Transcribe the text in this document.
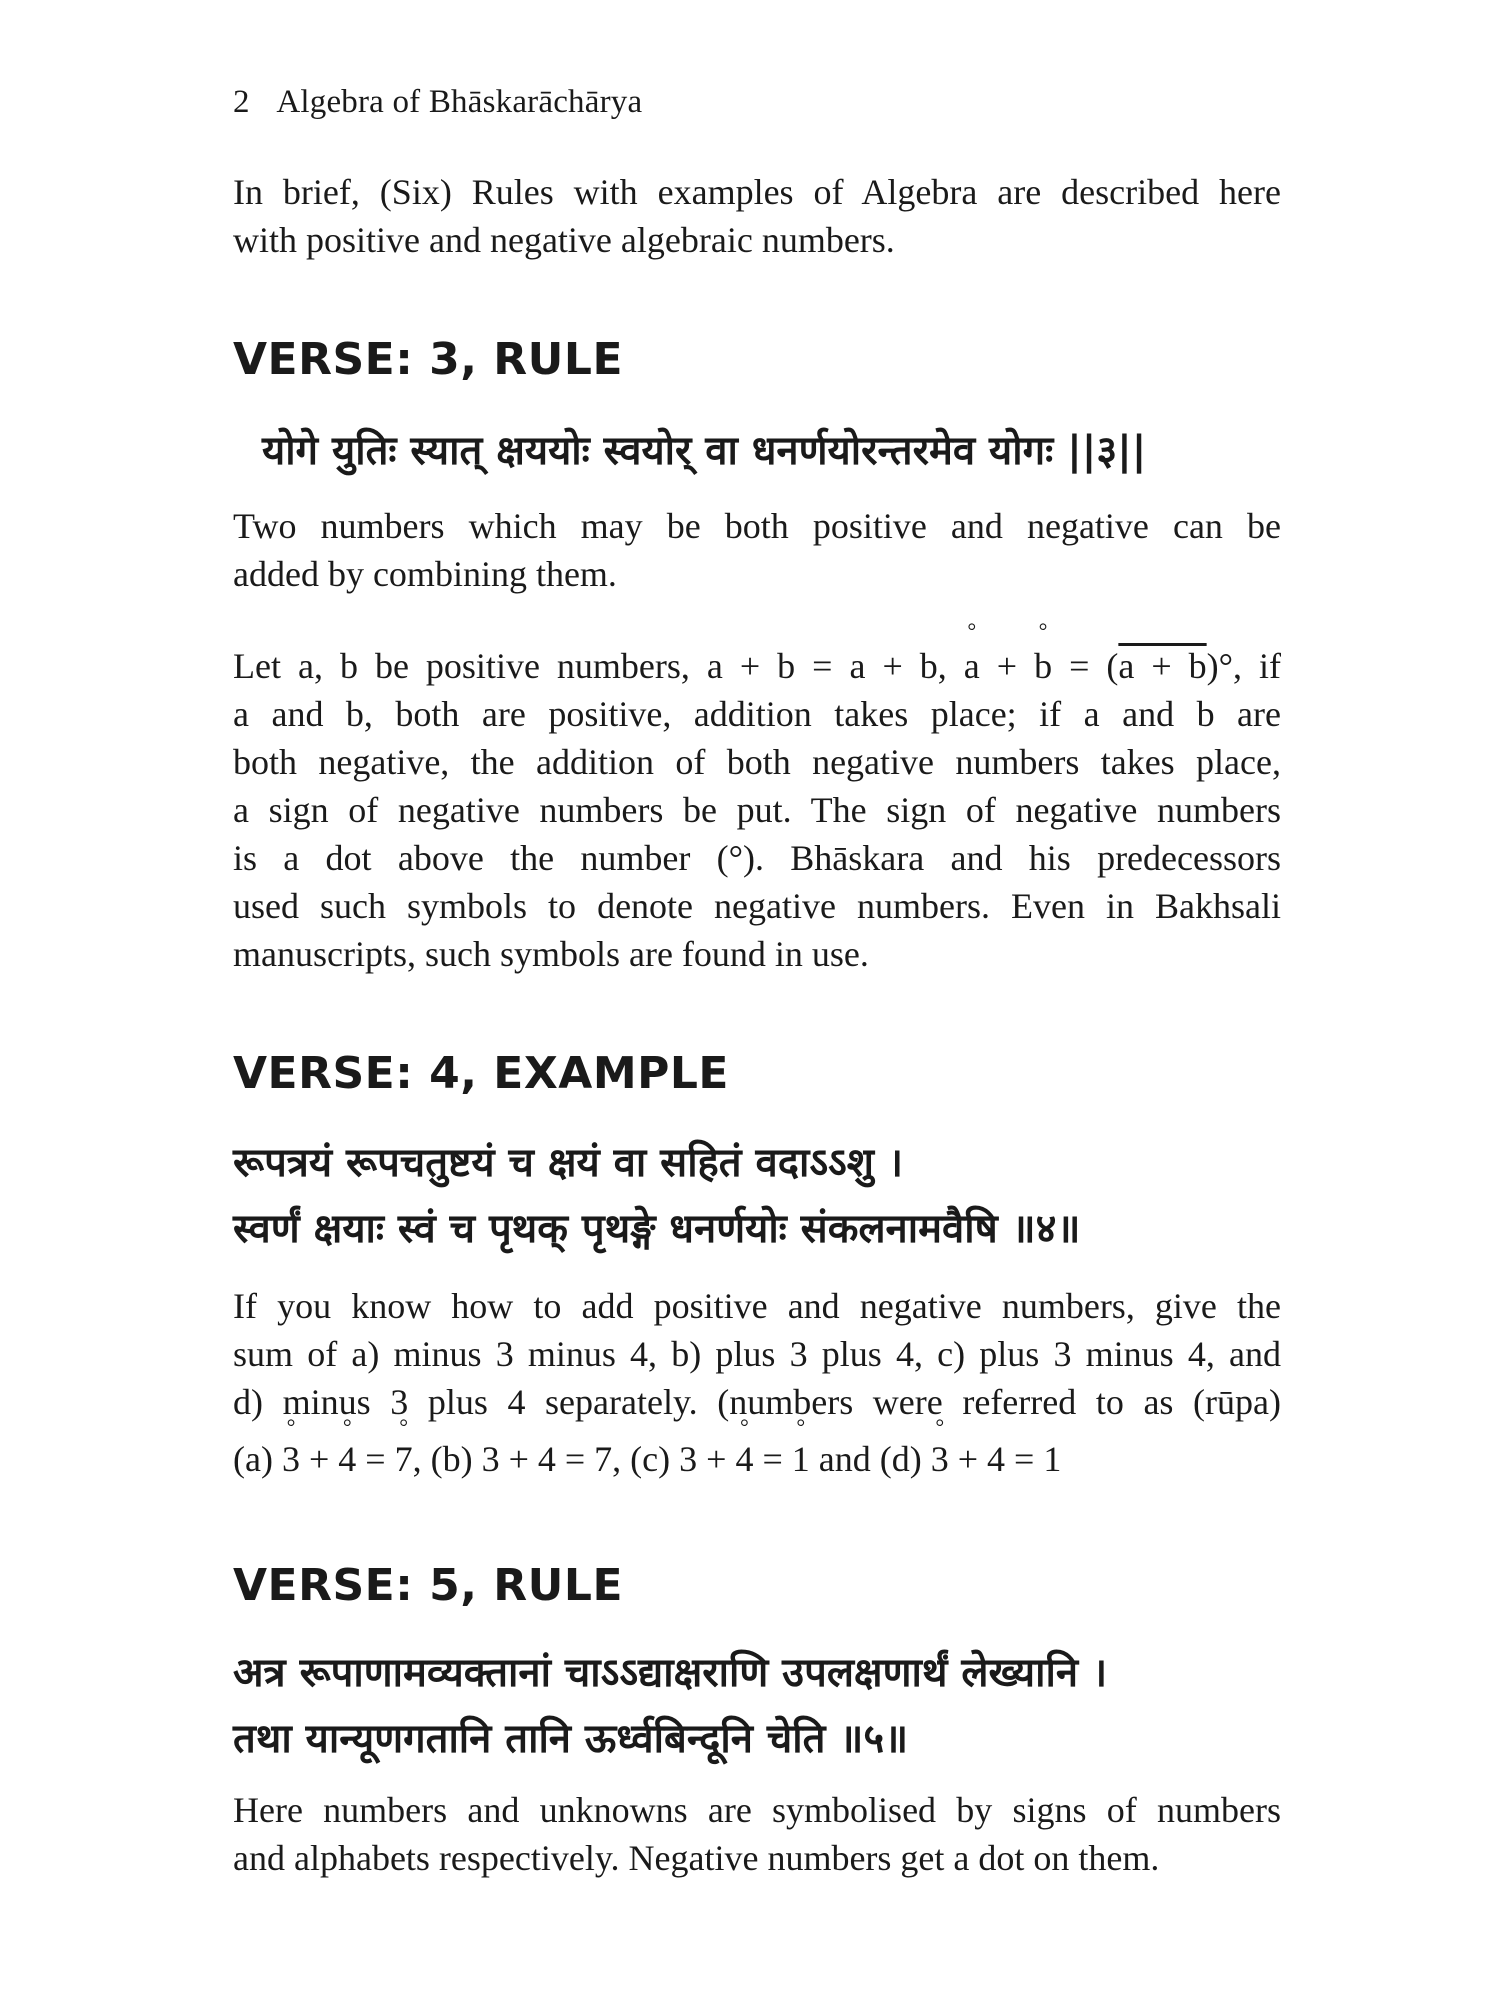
2 Algebra of Bhāskarāchārya

In brief, (Six) Rules with examples of Algebra are described here
with positive and negative algebraic numbers.

VERSE: 3, RULE

योगे युतिः स्यात् क्षययोः स्वयोर् वा धनर्णयोरन्तरमेव योगः ||३||

Two numbers which may be both positive and negative can be
added by combining them.

Let a, b be positive numbers, a + b = a + b, ° a + ° b = (a + b)°, if
a and b, both are positive, addition takes place; if a and b are
both negative, the addition of both negative numbers takes place,
a sign of negative numbers be put. The sign of negative numbers
is a dot above the number (°). Bhāskara and his predecessors
used such symbols to denote negative numbers. Even in Bakhsali
manuscripts, such symbols are found in use.

VERSE: 4, EXAMPLE
रूपत्रयं रूपचतुष्टयं च क्षयं वा सहितं वदाऽऽशु ।
स्वर्णं क्षयाः स्वं च पृथक् पृथङ्गे धनर्णयोः संकलनामवैषि ॥४॥

If you know how to add positive and negative numbers, give the
sum of a) minus 3 minus 4, b) plus 3 plus 4, c) plus 3 minus 4, and
d) minus 3 plus 4 separately. (numbers were referred to as (rūpa)

(a) ° 3 + ° 4 = ° 7, (b) 3 + 4 = 7, (c) 3 + ° 4 = ° 1 and (d) ° 3 + 4 = 1

VERSE: 5, RULE
अत्र रूपाणामव्यक्तानां चाऽऽद्याक्षराणि उपलक्षणार्थं लेख्यानि ।
तथा यान्यूणगतानि तानि ऊर्ध्वबिन्दूनि चेति ॥५॥

Here numbers and unknowns are symbolised by signs of numbers
and alphabets respectively. Negative numbers get a dot on them.
